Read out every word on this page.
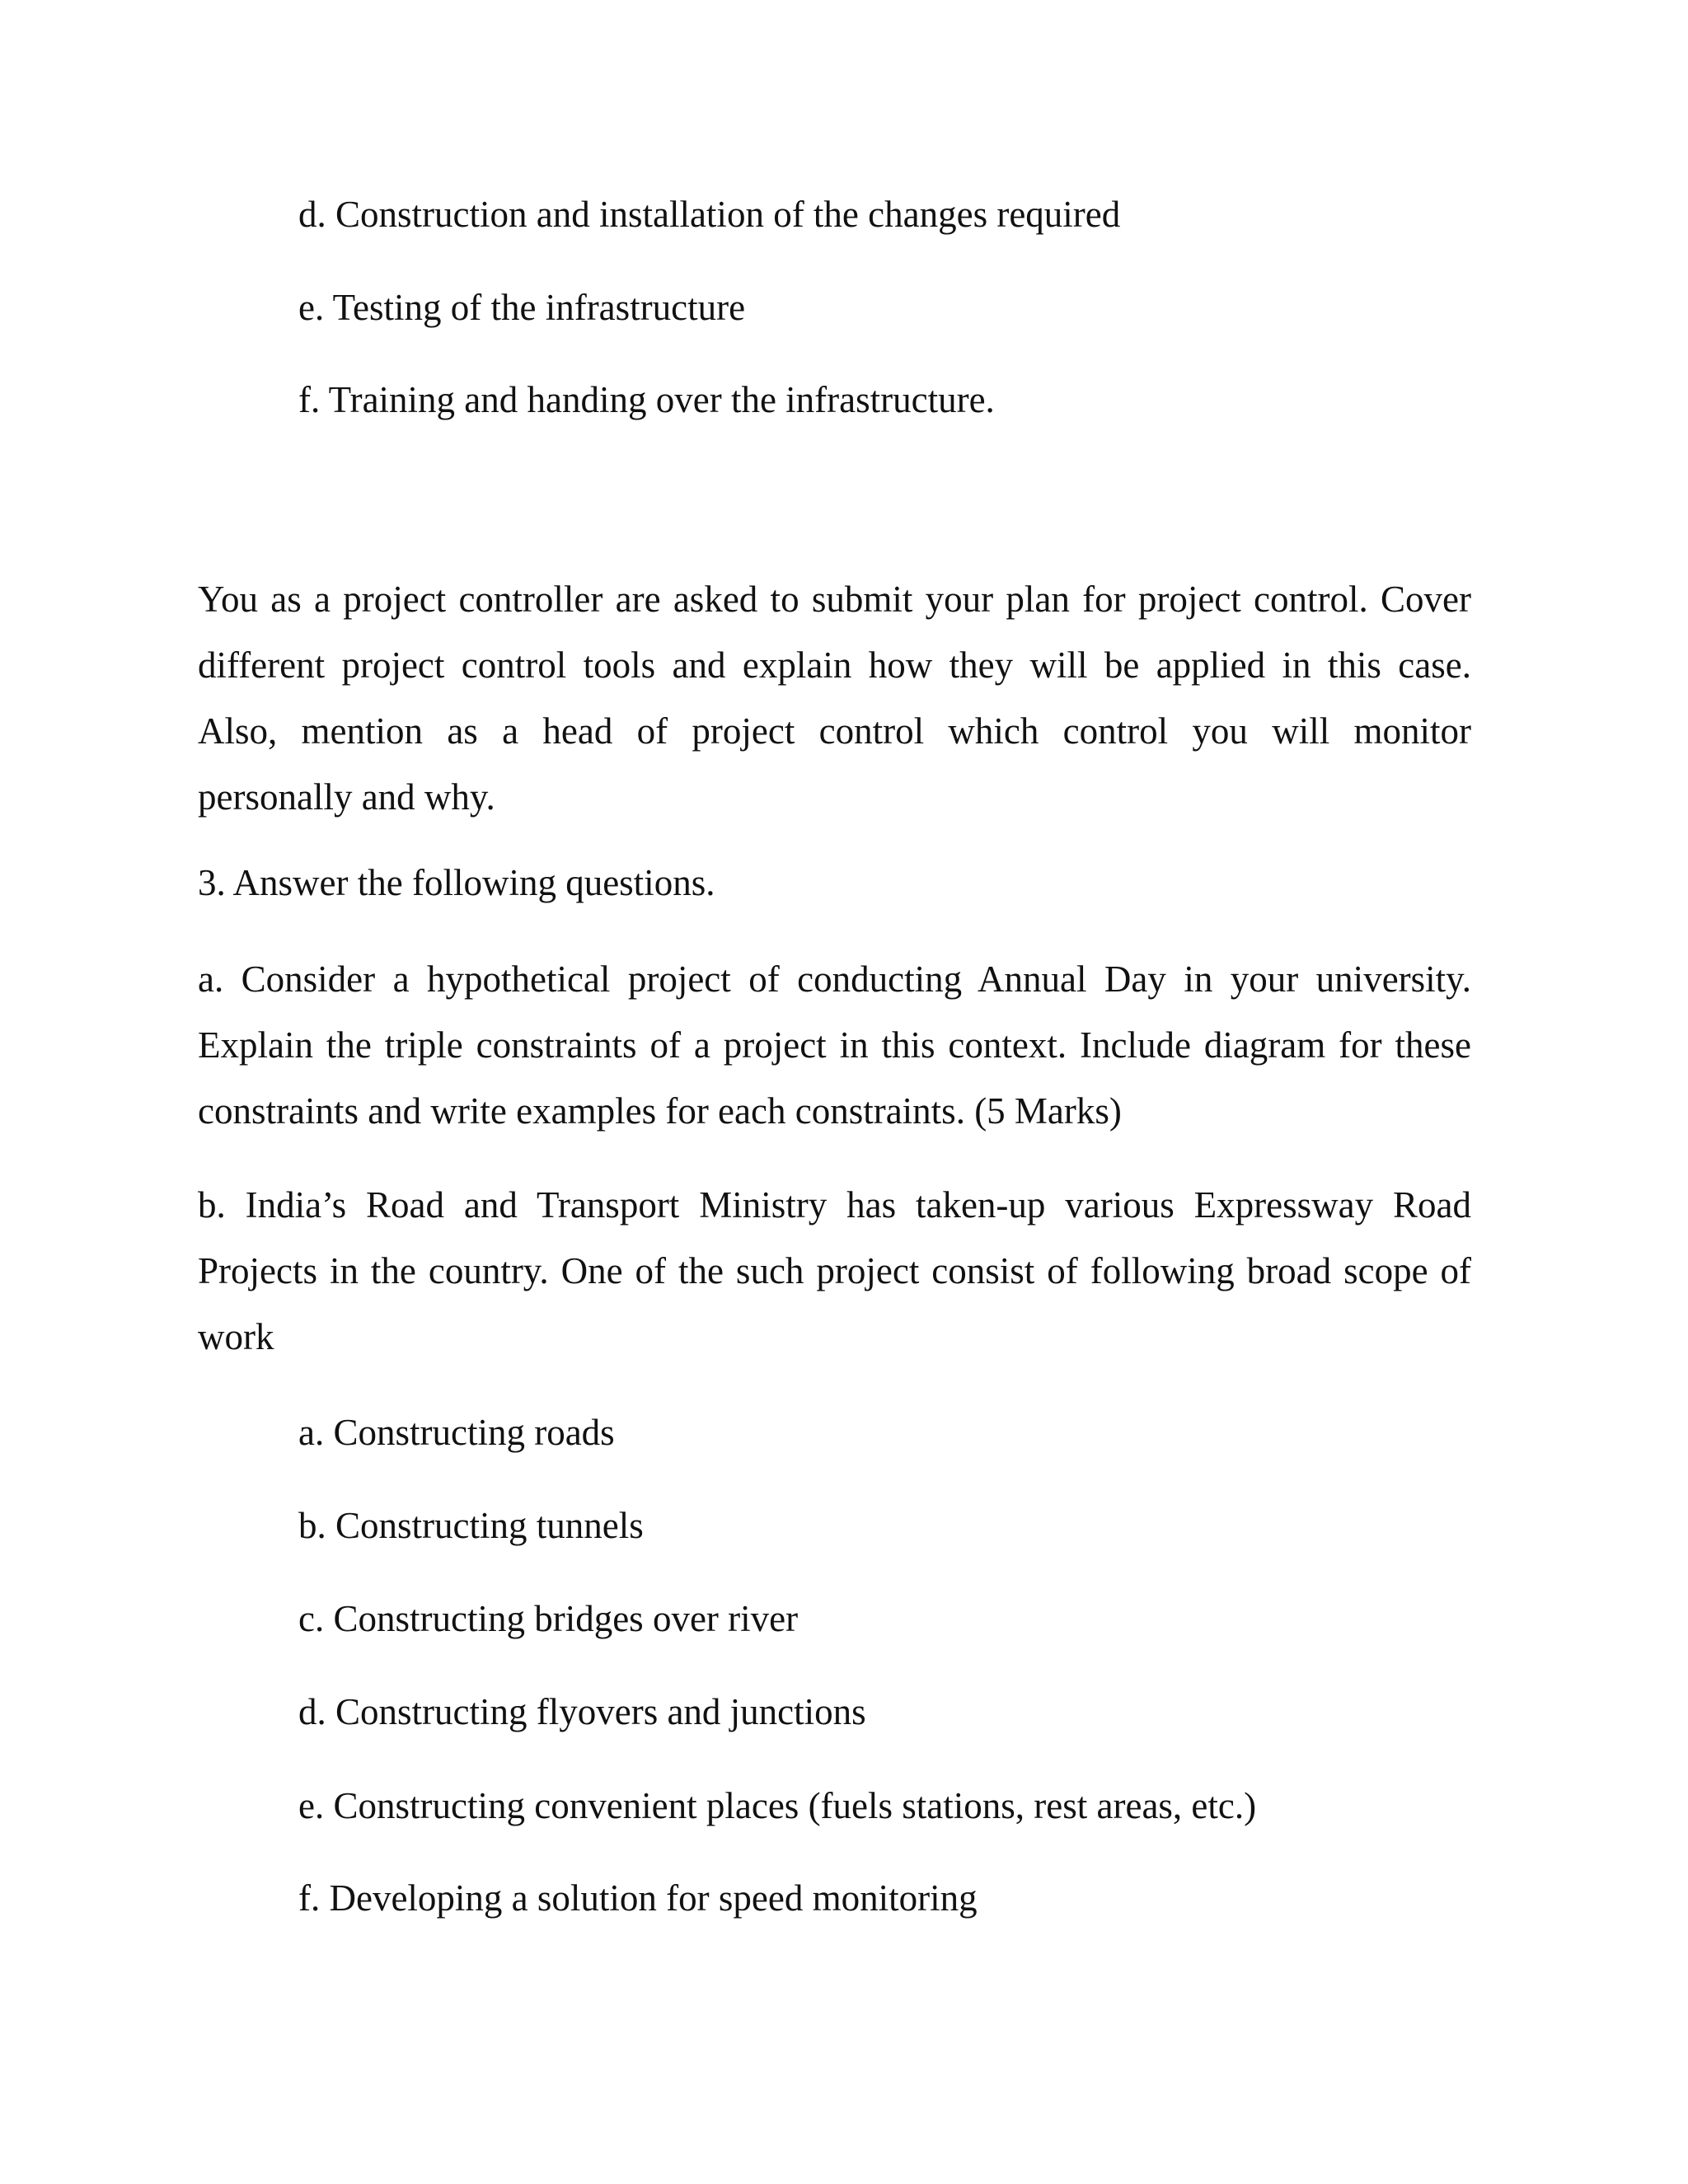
d. Construction and installation of the changes required

e. Testing of the infrastructure

f. Training and handing over the infrastructure.

You as a project controller are asked to submit your plan for project control. Cover
different project control tools and explain how they will be applied in this case.
Also, mention as a head of project control which control you will monitor
personally and why.

3. Answer the following questions.

a. Consider a hypothetical project of conducting Annual Day in your university.
Explain the triple constraints of a project in this context. Include diagram for these
constraints and write examples for each constraints. (5 Marks)
b. India’s Road and Transport Ministry has taken-up various Expressway Road
Projects in the country. One of the such project consist of following broad scope of
work

a. Constructing roads

b. Constructing tunnels

c. Constructing bridges over river

d. Constructing flyovers and junctions

e. Constructing convenient places (fuels stations, rest areas, etc.)

f. Developing a solution for speed monitoring
